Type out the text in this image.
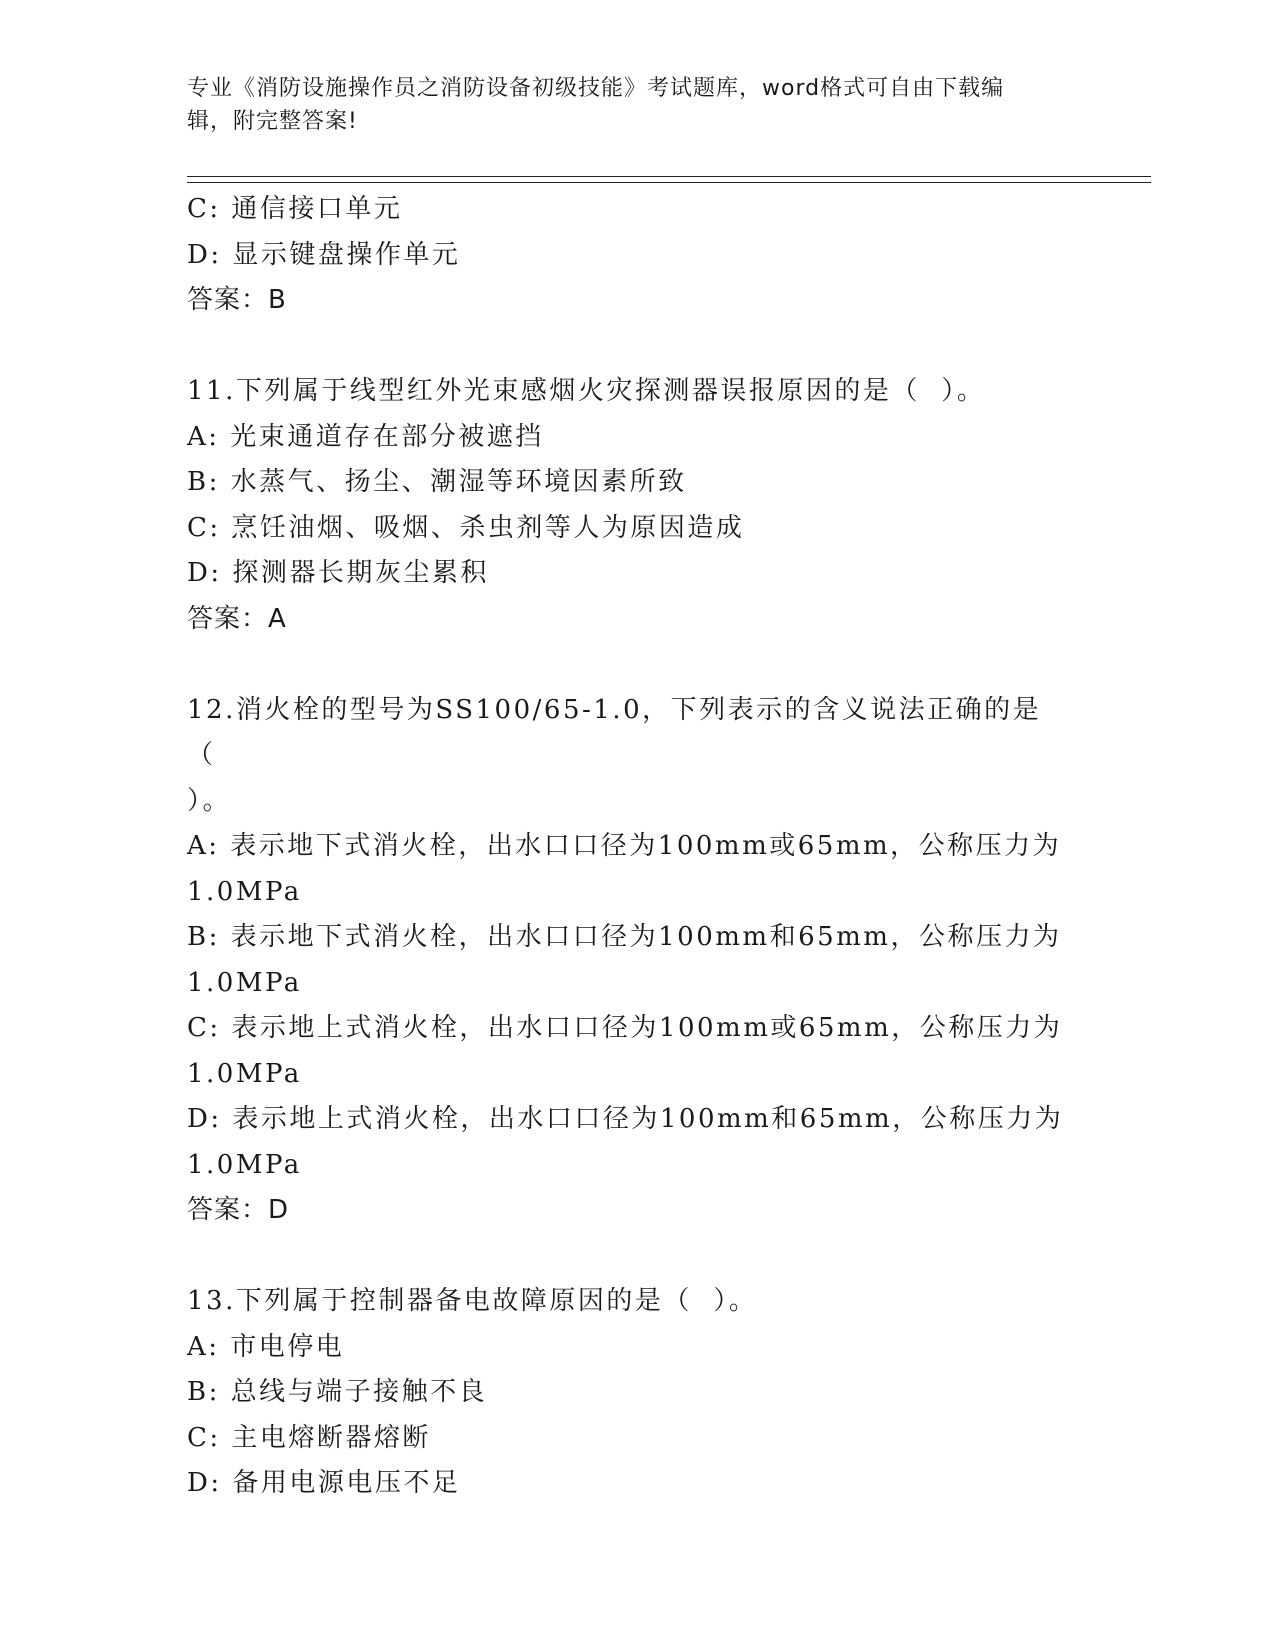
专业《消防设施操作员之消防设备初级技能》考试题库，word格式可自由下载编
辑，附完整答案!

C: 通信接口单元

D: 显示键盘操作单元

答案：B

11.下列属于线型红外光束感烟火灾探测器误报原因的是（  ）。

A: 光束通道存在部分被遮挡

B: 水蒸气、扬尘、潮湿等环境因素所致

C: 烹饪油烟、吸烟、杀虫剂等人为原因造成

D: 探测器长期灰尘累积

答案：A

12.消火栓的型号为SS100/65-1.0，下列表示的含义说法正确的是（

）。

A: 表示地下式消火栓，出水口口径为100mm或65mm，公称压力为

1.0MPa

B: 表示地下式消火栓，出水口口径为100mm和65mm，公称压力为

1.0MPa

C: 表示地上式消火栓，出水口口径为100mm或65mm，公称压力为

1.0MPa

D: 表示地上式消火栓，出水口口径为100mm和65mm，公称压力为

1.0MPa

答案：D

13.下列属于控制器备电故障原因的是（  ）。

A: 市电停电

B: 总线与端子接触不良

C: 主电熔断器熔断

D: 备用电源电压不足
